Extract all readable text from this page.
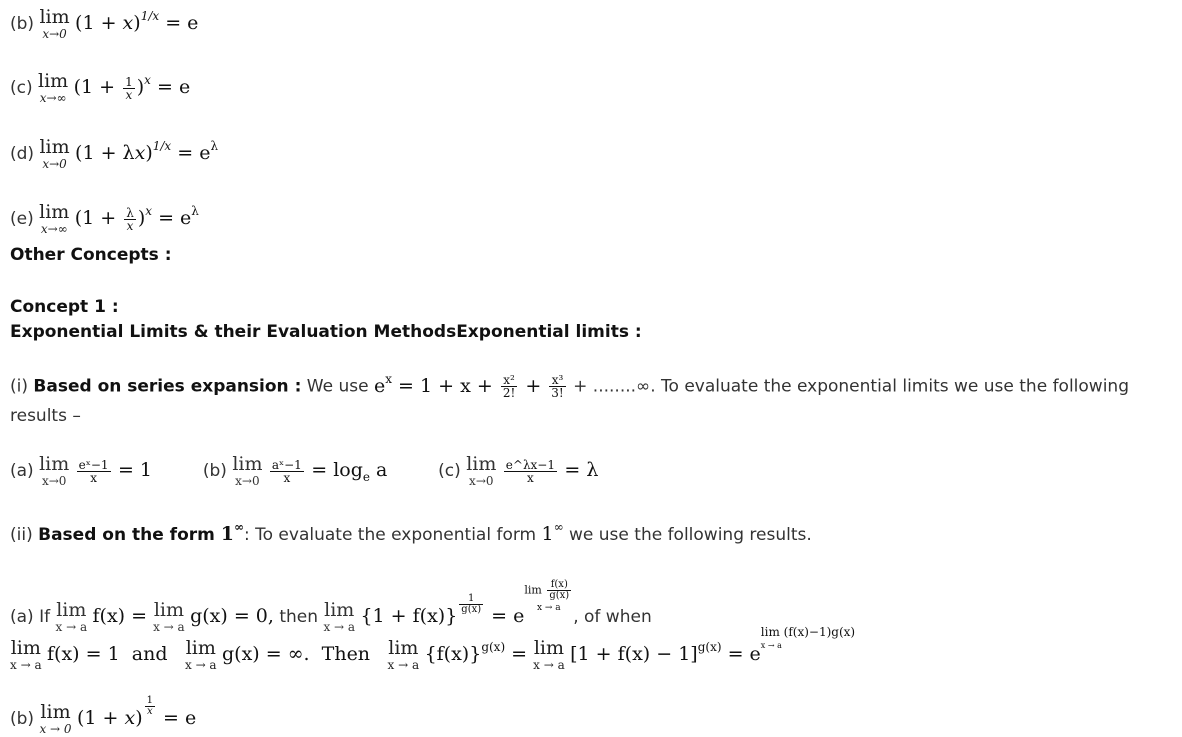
(b) lim
x→0 $(1 + x)^{1/x} = e$
(c) lim
x→∞ $(1 + \frac{1}{x} )^x = e$
(d) lim
x→0 $(1 + \lambda x)^{1/x} = e^\lambda$
(e) lim
x→∞ $(1 + \frac{\lambda}{x} )^x = e^\lambda$
Other Concepts :
Concept 1 :
Exponential Limits & their Evaluation MethodsExponential limits :
(i) Based on series expansion : We use $e^x = 1 + x + \frac{\text{x²}}{2!} + \frac{\text{x³}}{3!}$ + ........∞. To evaluate the exponential limits we use the following
results –
(a) lim
x→0
$\frac{\text{eˣ−1}}{x} = 1$	(b) lim
x→0
$\frac{\text{aˣ−1}}{x} = \log_e a$	(c) lim
x→0
$\frac{e\^{}\lambda x-1}{x} = \lambda$
(ii) Based on the form 1∞: To evaluate the exponential form 1∞ we use the following results.
(a) If lim
x → a f(x) = lim
x → a g(x) = 0, then lim
x → a {1 + f(x)}
$\frac{1}{g(x)}$
= elim $\frac{f(x)}{g(x)}$

x → a , of when
lim
x → a f(x) = 1  and lim
x → a g(x) = ∞.  Then lim
x → a $\{f(x)\}^{g(x)} = \lim$
x → a $[1 + f(x) - 1]^{g(x)} = elim$ (f(x)−1)g(x)
x → a
(b) lim
x → 0 (1 + x)
$\frac{1}{x}$
= e
